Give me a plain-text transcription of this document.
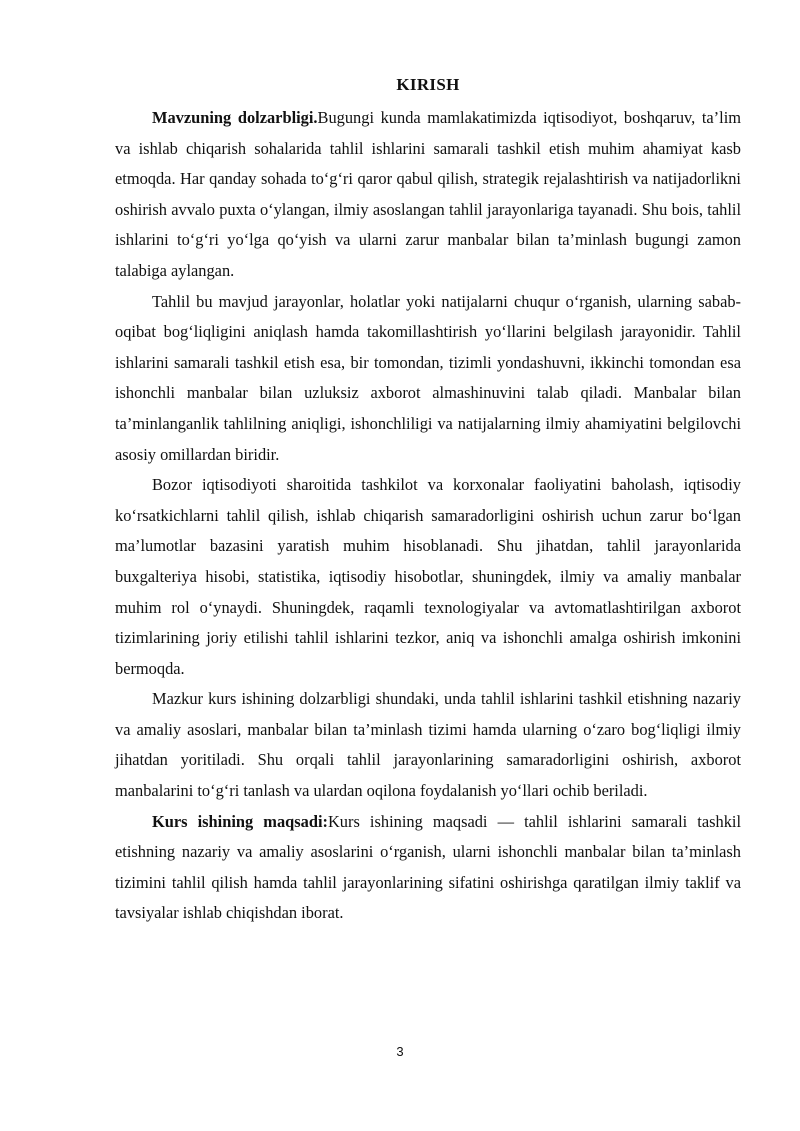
KIRISH

Mavzuning dolzarbligi.Bugungi kunda mamlakatimizda iqtisodiyot, boshqaruv, ta’lim va ishlab chiqarish sohalarida tahlil ishlarini samarali tashkil etish muhim ahamiyat kasb etmoqda. Har qanday sohada to‘g‘ri qaror qabul qilish, strategik rejalashtirish va natijadorlikni oshirish avvalo puxta o‘ylangan, ilmiy asoslangan tahlil jarayonlariga tayanadi. Shu bois, tahlil ishlarini to‘g‘ri yo‘lga qo‘yish va ularni zarur manbalar bilan ta’minlash bugungi zamon talabiga aylangan.

Tahlil bu mavjud jarayonlar, holatlar yoki natijalarni chuqur o‘rganish, ularning sabab-oqibat bog‘liqligini aniqlash hamda takomillashtirish yo‘llarini belgilash jarayonidir. Tahlil ishlarini samarali tashkil etish esa, bir tomondan, tizimli yondashuvni, ikkinchi tomondan esa ishonchli manbalar bilan uzluksiz axborot almashinuvini talab qiladi. Manbalar bilan ta’minlanganlik tahlilning aniqligi, ishonchliligi va natijalarning ilmiy ahamiyatini belgilovchi asosiy omillardan biridir.

Bozor iqtisodiyoti sharoitida tashkilot va korxonalar faoliyatini baholash, iqtisodiy ko‘rsatkichlarni tahlil qilish, ishlab chiqarish samaradorligini oshirish uchun zarur bo‘lgan ma’lumotlar bazasini yaratish muhim hisoblanadi. Shu jihatdan, tahlil jarayonlarida buxgalteriya hisobi, statistika, iqtisodiy hisobotlar, shuningdek, ilmiy va amaliy manbalar muhim rol o‘ynaydi. Shuningdek, raqamli texnologiyalar va avtomatlashtirilgan axborot tizimlarining joriy etilishi tahlil ishlarini tezkor, aniq va ishonchli amalga oshirish imkonini bermoqda.

Mazkur kurs ishining dolzarbligi shundaki, unda tahlil ishlarini tashkil etishning nazariy va amaliy asoslari, manbalar bilan ta’minlash tizimi hamda ularning o‘zaro bog‘liqligi ilmiy jihatdan yoritiladi. Shu orqali tahlil jarayonlarining samaradorligini oshirish, axborot manbalarini to‘g‘ri tanlash va ulardan oqilona foydalanish yo‘llari ochib beriladi.

Kurs ishining maqsadi:Kurs ishining maqsadi — tahlil ishlarini samarali tashkil etishning nazariy va amaliy asoslarini o‘rganish, ularni ishonchli manbalar bilan ta’minlash tizimini tahlil qilish hamda tahlil jarayonlarining sifatini oshirishga qaratilgan ilmiy taklif va tavsiyalar ishlab chiqishdan iborat.

3
